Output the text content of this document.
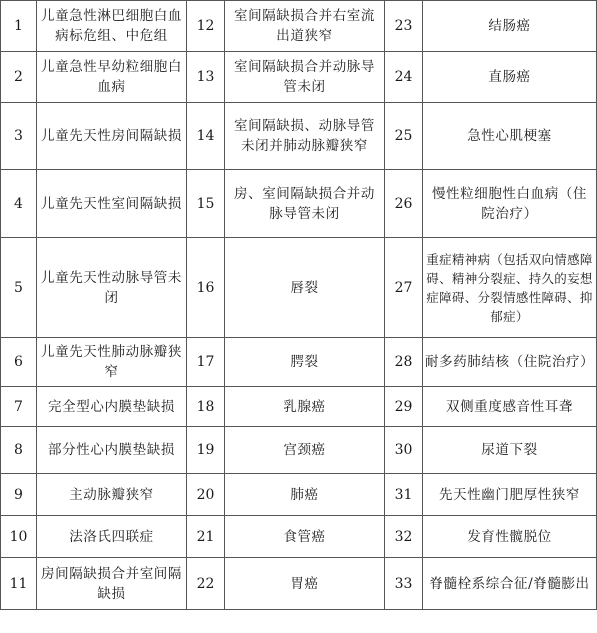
1	儿童急性淋巴细胞白血病标危组、中危组	12	室间隔缺损合并右室流出道狭窄	23	结肠癌
2	儿童急性早幼粒细胞白血病	13	室间隔缺损合并动脉导管未闭	24	直肠癌
3	儿童先天性房间隔缺损	14	室间隔缺损、动脉导管未闭并肺动脉瓣狭窄	25	急性心肌梗塞
4	儿童先天性室间隔缺损	15	房、室间隔缺损合并动脉导管未闭	26	慢性粒细胞性白血病（住院治疗）
5	儿童先天性动脉导管未闭	16	唇裂	27	重症精神病（包括双向情感障碍、精神分裂症、持久的妄想症障碍、分裂情感性障碍、抑郁症）
6	儿童先天性肺动脉瓣狭窄	17	腭裂	28	耐多药肺结核（住院治疗）
7	完全型心内膜垫缺损	18	乳腺癌	29	双侧重度感音性耳聋
8	部分性心内膜垫缺损	19	宫颈癌	30	尿道下裂
9	主动脉瓣狭窄	20	肺癌	31	先天性幽门肥厚性狭窄
10	法洛氏四联症	21	食管癌	32	发育性髋脱位
11	房间隔缺损合并室间隔缺损	22	胃癌	33	脊髓栓系综合征/脊髓膨出
